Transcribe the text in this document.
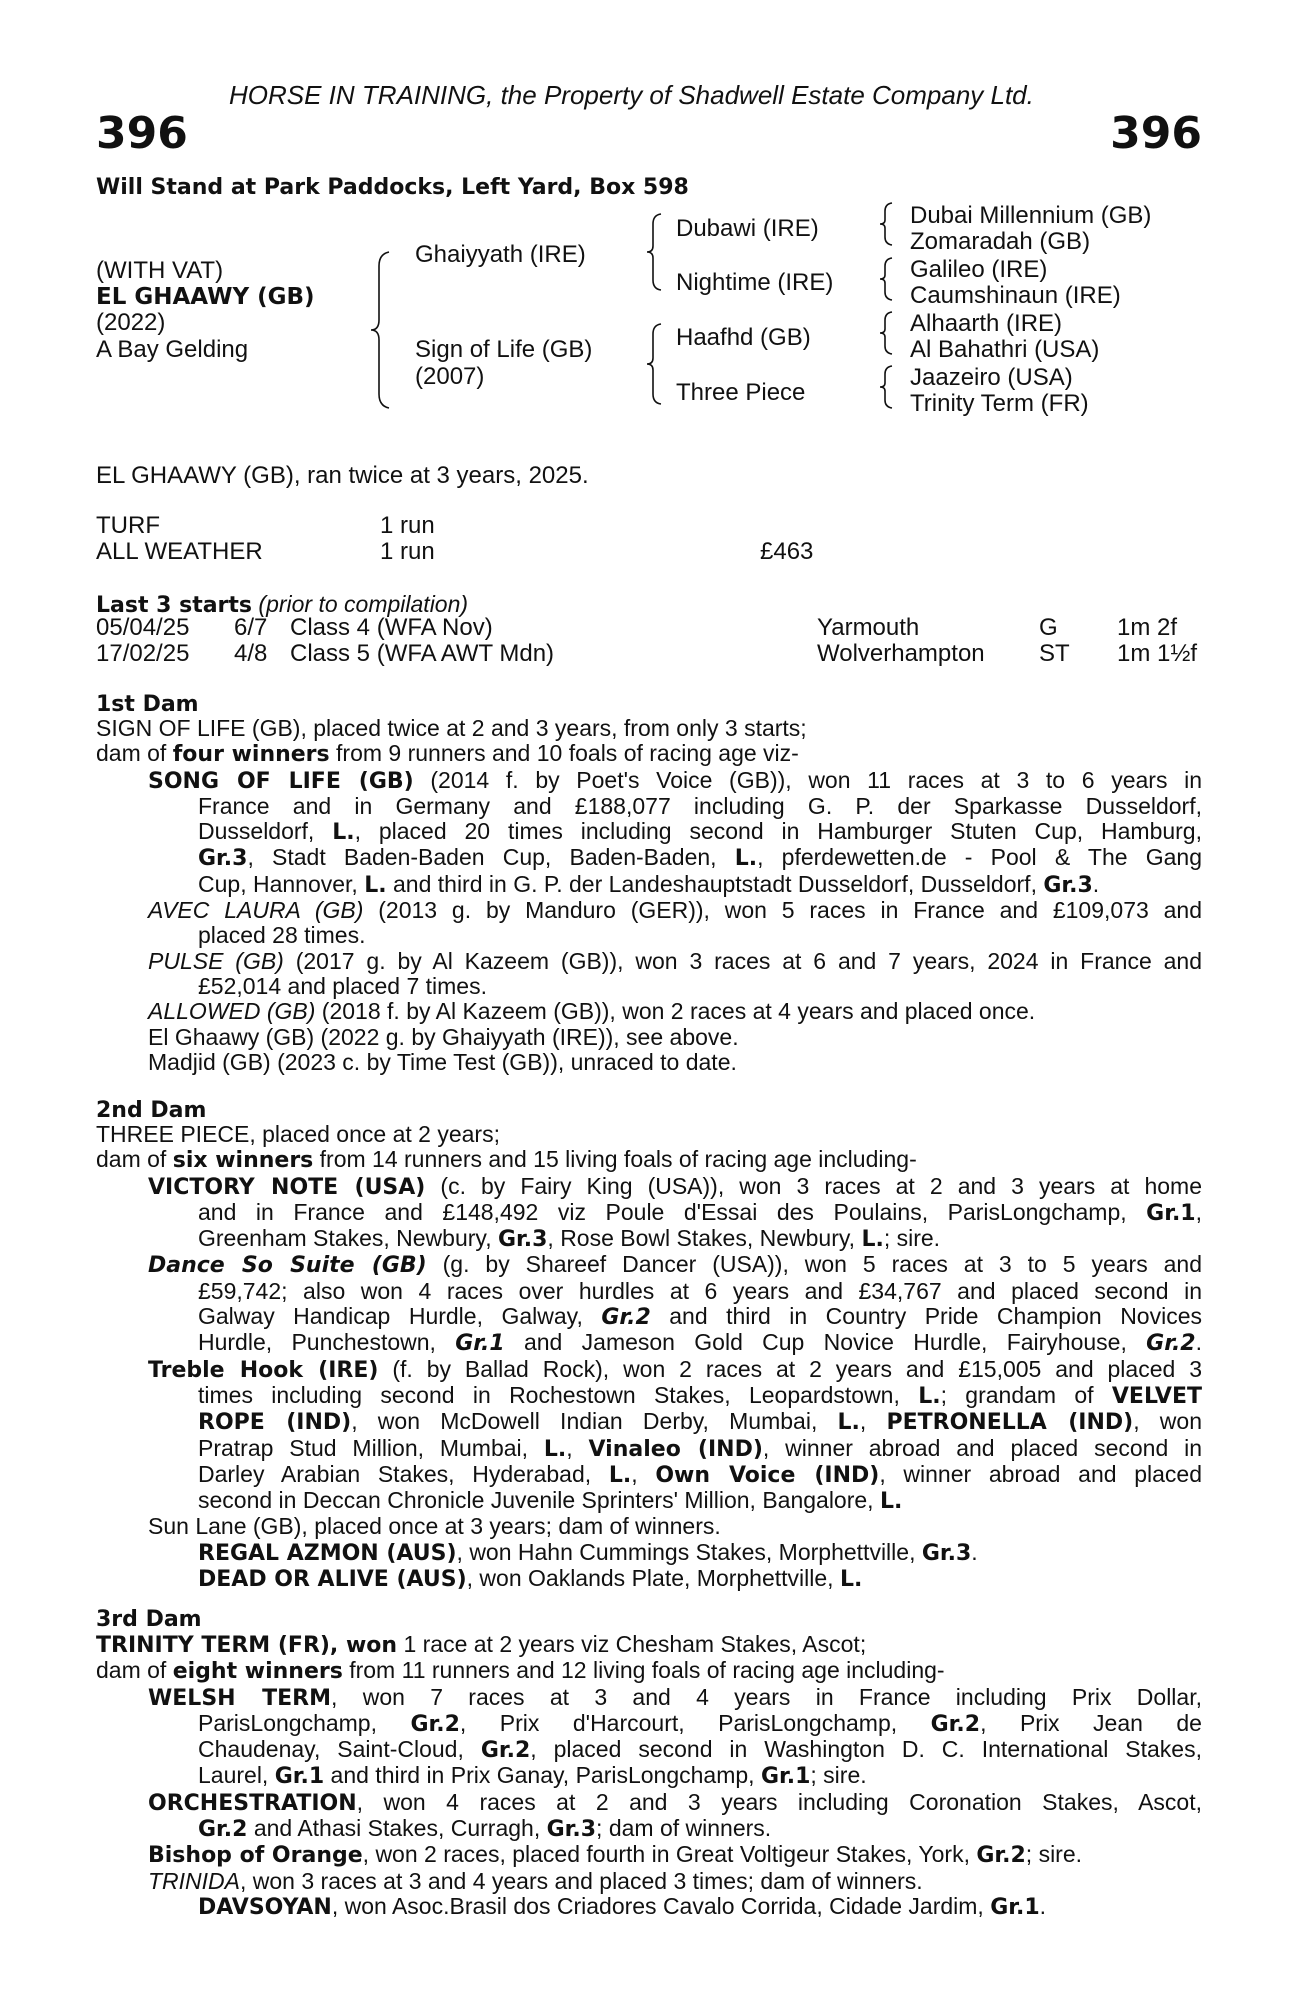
HORSE IN TRAINING, the Property of Shadwell Estate Company Ltd.
396	396
Will Stand at Park Paddocks, Left Yard, Box 598
(WITH VAT)
EL GHAAWY (GB)
(2022)
A Bay Gelding
Ghaiyyath (IRE)
Sign of Life (GB)
(2007)
Dubawi (IRE)
Nightime (IRE)
Haafhd (GB)
Three Piece
Dubai Millennium (GB)
Zomaradah (GB)
Galileo (IRE)
Caumshinaun (IRE)
Alhaarth (IRE)
Al Bahathri (USA)
Jaazeiro (USA)
Trinity Term (FR)
EL GHAAWY (GB), ran twice at 3 years, 2025.
TURF	1 run
ALL WEATHER	1 run	£463
Last 3 starts (prior to compilation)
05/04/25 6/7 Class 4 (WFA Nov)	Yarmouth	G 1m 2f
17/02/25 4/8 Class 5 (WFA AWT Mdn)	Wolverhampton ST 1m 1½f
1st Dam
SIGN OF LIFE (GB), placed twice at 2 and 3 years, from only 3 starts;
dam of four winners from 9 runners and 10 foals of racing age viz-
SONG OF LIFE (GB) (2014 f. by Poet's Voice (GB)), won 11 races at 3 to 6 years in
France and in Germany and £188,077 including G. P. der Sparkasse Dusseldorf,
Dusseldorf, L., placed 20 times including second in Hamburger Stuten Cup, Hamburg,
Gr.3, Stadt Baden-Baden Cup, Baden-Baden, L., pferdewetten.de - Pool & The Gang
Cup, Hannover, L. and third in G. P. der Landeshauptstadt Dusseldorf, Dusseldorf, Gr.3.
AVEC LAURA (GB) (2013 g. by Manduro (GER)), won 5 races in France and £109,073 and
placed 28 times.
PULSE (GB) (2017 g. by Al Kazeem (GB)), won 3 races at 6 and 7 years, 2024 in France and
£52,014 and placed 7 times.
ALLOWED (GB) (2018 f. by Al Kazeem (GB)), won 2 races at 4 years and placed once.
El Ghaawy (GB) (2022 g. by Ghaiyyath (IRE)), see above.
Madjid (GB) (2023 c. by Time Test (GB)), unraced to date.
2nd Dam
THREE PIECE, placed once at 2 years;
dam of six winners from 14 runners and 15 living foals of racing age including-
VICTORY NOTE (USA) (c. by Fairy King (USA)), won 3 races at 2 and 3 years at home
and in France and £148,492 viz Poule d'Essai des Poulains, ParisLongchamp, Gr.1,
Greenham Stakes, Newbury, Gr.3, Rose Bowl Stakes, Newbury, L.; sire.
Dance So Suite (GB) (g. by Shareef Dancer (USA)), won 5 races at 3 to 5 years and
£59,742; also won 4 races over hurdles at 6 years and £34,767 and placed second in
Galway Handicap Hurdle, Galway, Gr.2 and third in Country Pride Champion Novices
Hurdle, Punchestown, Gr.1 and Jameson Gold Cup Novice Hurdle, Fairyhouse, Gr.2.
Treble Hook (IRE) (f. by Ballad Rock), won 2 races at 2 years and £15,005 and placed 3
times including second in Rochestown Stakes, Leopardstown, L.; grandam of VELVET
ROPE (IND), won McDowell Indian Derby, Mumbai, L., PETRONELLA (IND), won
Pratrap Stud Million, Mumbai, L., Vinaleo (IND), winner abroad and placed second in
Darley Arabian Stakes, Hyderabad, L., Own Voice (IND), winner abroad and placed
second in Deccan Chronicle Juvenile Sprinters' Million, Bangalore, L.
Sun Lane (GB), placed once at 3 years; dam of winners.
REGAL AZMON (AUS), won Hahn Cummings Stakes, Morphettville, Gr.3.
DEAD OR ALIVE (AUS), won Oaklands Plate, Morphettville, L.
3rd Dam
TRINITY TERM (FR), won 1 race at 2 years viz Chesham Stakes, Ascot;
dam of eight winners from 11 runners and 12 living foals of racing age including-
WELSH TERM, won 7 races at 3 and 4 years in France including Prix Dollar,
ParisLongchamp, Gr.2, Prix d'Harcourt, ParisLongchamp, Gr.2, Prix Jean de
Chaudenay, Saint-Cloud, Gr.2, placed second in Washington D. C. International Stakes,
Laurel, Gr.1 and third in Prix Ganay, ParisLongchamp, Gr.1; sire.
ORCHESTRATION, won 4 races at 2 and 3 years including Coronation Stakes, Ascot,
Gr.2 and Athasi Stakes, Curragh, Gr.3; dam of winners.
Bishop of Orange, won 2 races, placed fourth in Great Voltigeur Stakes, York, Gr.2; sire.
TRINIDA, won 3 races at 3 and 4 years and placed 3 times; dam of winners.
DAVSOYAN, won Asoc.Brasil dos Criadores Cavalo Corrida, Cidade Jardim, Gr.1.
